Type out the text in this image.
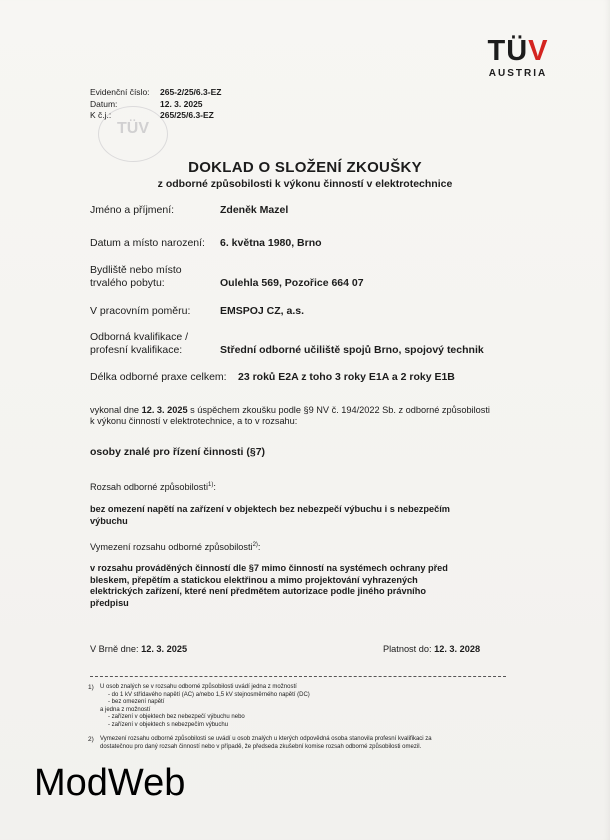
TÜV
AUSTRIA
TÜV
Evidenční číslo:	265-2/25/6.3-EZ
Datum:	12. 3. 2025
K č.j.:	265/25/6.3-EZ
DOKLAD O SLOŽENÍ ZKOUŠKY
z odborné způsobilosti k výkonu činností v elektrotechnice
Jméno a příjmení:	Zdeněk Mazel
Datum a místo narození:	6. května 1980, Brno
Bydliště nebo místo
trvalého pobytu:	Oulehla 569, Pozořice 664 07
V pracovním poměru:	EMSPOJ CZ, a.s.
Odborná kvalifikace /
profesní kvalifikace:	Střední odborné učiliště spojů Brno, spojový technik
Délka odborné praxe celkem:	23 roků E2A z toho 3 roky E1A a 2 roky E1B
vykonal dne 12. 3. 2025 s úspěchem zkoušku podle §9 NV č. 194/2022 Sb. z odborné způsobilosti
k výkonu činností v elektrotechnice, a to v rozsahu:
osoby znalé pro řízení činnosti (§7)
Rozsah odborné způsobilosti$^{1)}$:
bez omezení napětí na zařízení v objektech bez nebezpečí výbuchu i s nebezpečím
výbuchu
Vymezení rozsahu odborné způsobilosti$^{2)}$:
v rozsahu prováděných činností dle §7 mimo činností na systémech ochrany před
bleskem, přepětím a statickou elektřinou a mimo projektování vyhrazených
elektrických zařízení, které není předmětem autorizace podle jiného právního
předpisu
V Brně dne: 12. 3. 2025	Platnost do: 12. 3. 2028
1) U osob znalých se v rozsahu odborné způsobilosti uvádí jedna z možností
- do 1 kV střídavého napětí (AC) a/nebo 1,5 kV stejnosměrného napětí (DC)
- bez omezení napětí
a jedna z možností
- zařízení v objektech bez nebezpečí výbuchu nebo
- zařízení v objektech s nebezpečím výbuchu
2) Vymezení rozsahu odborné způsobilosti se uvádí u osob znalých u kterých odpovědná osoba stanovila profesní kvalifikaci za
dostatečnou pro daný rozsah činností nebo v případě, že předseda zkušební komise rozsah odborné způsobilosti omezil.
ModWeb
